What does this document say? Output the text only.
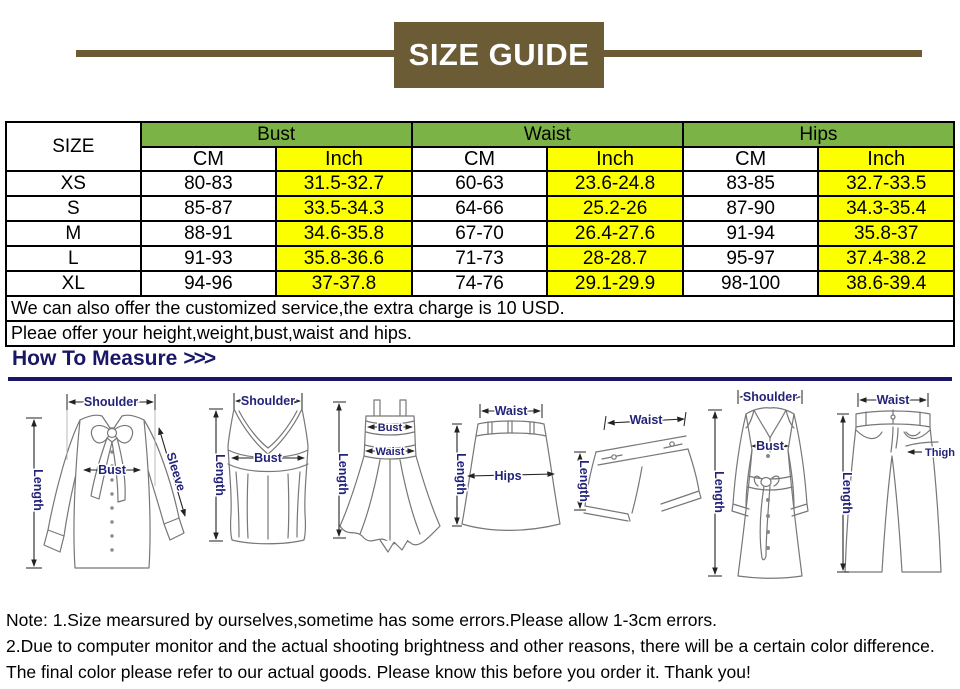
SIZE GUIDE
SIZE	Bust		Waist		Hips	
	CM	Inch	CM	Inch	CM	Inch
XS	80-83	31.5-32.7	60-63	23.6-24.8	83-85	32.7-33.5
S	85-87	33.5-34.3	64-66	25.2-26	87-90	34.3-35.4
M	88-91	34.6-35.8	67-70	26.4-27.6	91-94	35.8-37
L	91-93	35.8-36.6	71-73	28-28.7	95-97	37.4-38.2
XL	94-96	37-37.8	74-76	29.1-29.9	98-100	38.6-39.4
We can also offer the customized service,the extra charge is 10 USD.						
Pleae offer your height,weight,bust,waist and hips.						
How To Measure >>>
Shoulder
Length	Bust	Sleeve
Shoulder
Length Bust
Bust
Waist
Length
Waist
Hips
Length
Waist
Length
Shoulder
Bust
Length
Waist
Thigh
Length
Note: 1.Size mearsured by ourselves,sometime has some errors.Please allow 1-3cm errors.
2.Due to computer monitor and the actual shooting brightness and other reasons, there will be a certain color difference.
The final color please refer to our actual goods. Please know this before you order it. Thank you!
